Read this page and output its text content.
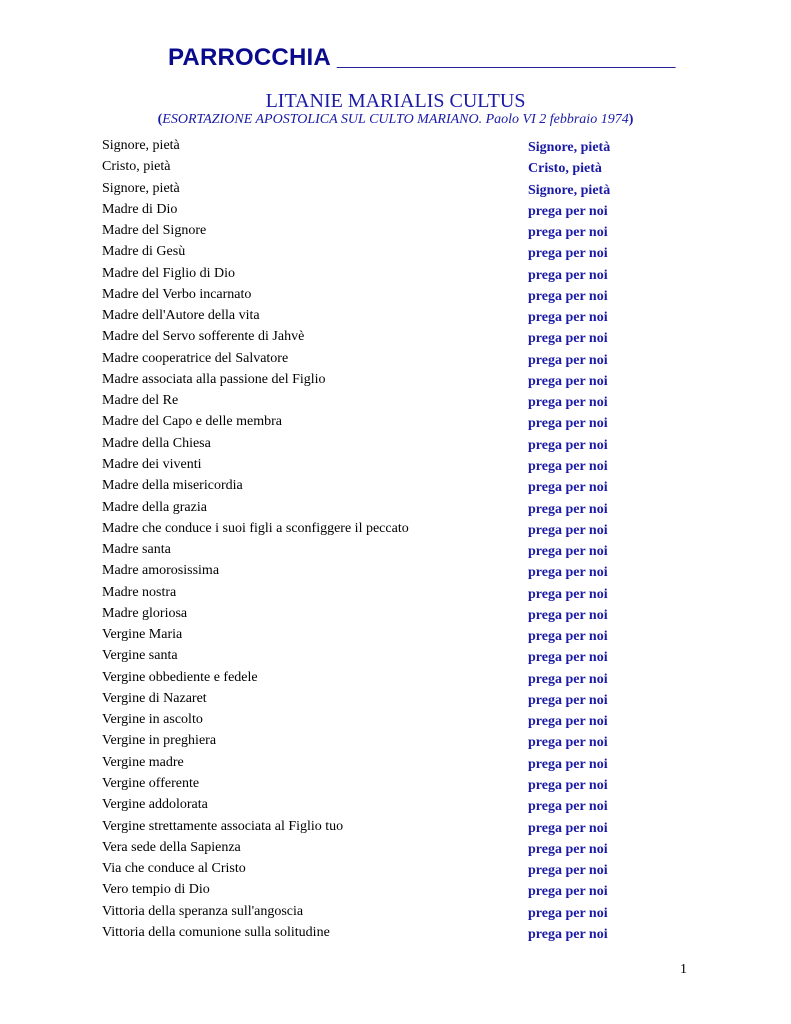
PARROCCHIA _________________________
LITANIE MARIALIS CULTUS
(ESORTAZIONE APOSTOLICA SUL CULTO MARIANO. Paolo VI 2 febbraio 1974)
Signore, pietà	Signore, pietà
Cristo, pietà	Cristo, pietà
Signore, pietà	Signore, pietà
Madre di Dio	prega per noi
Madre del Signore	prega per noi
Madre di Gesù	prega per noi
Madre del Figlio di Dio	prega per noi
Madre del Verbo incarnato	prega per noi
Madre dell'Autore della vita	prega per noi
Madre del Servo sofferente di Jahvè	prega per noi
Madre cooperatrice del Salvatore	prega per noi
Madre associata alla passione del Figlio	prega per noi
Madre del Re	prega per noi
Madre del Capo e delle membra	prega per noi
Madre della Chiesa	prega per noi
Madre dei viventi	prega per noi
Madre della misericordia	prega per noi
Madre della grazia	prega per noi
Madre che conduce i suoi figli a sconfiggere il peccato	prega per noi
Madre santa	prega per noi
Madre amorosissima	prega per noi
Madre nostra	prega per noi
Madre gloriosa	prega per noi
Vergine Maria	prega per noi
Vergine santa	prega per noi
Vergine obbediente e fedele	prega per noi
Vergine di Nazaret	prega per noi
Vergine in ascolto	prega per noi
Vergine in preghiera	prega per noi
Vergine madre	prega per noi
Vergine offerente	prega per noi
Vergine addolorata	prega per noi
Vergine strettamente associata al Figlio tuo	prega per noi
Vera sede della Sapienza	prega per noi
Via che conduce al Cristo	prega per noi
Vero tempio di Dio	prega per noi
Vittoria della speranza sull'angoscia	prega per noi
Vittoria della comunione sulla solitudine	prega per noi
1
